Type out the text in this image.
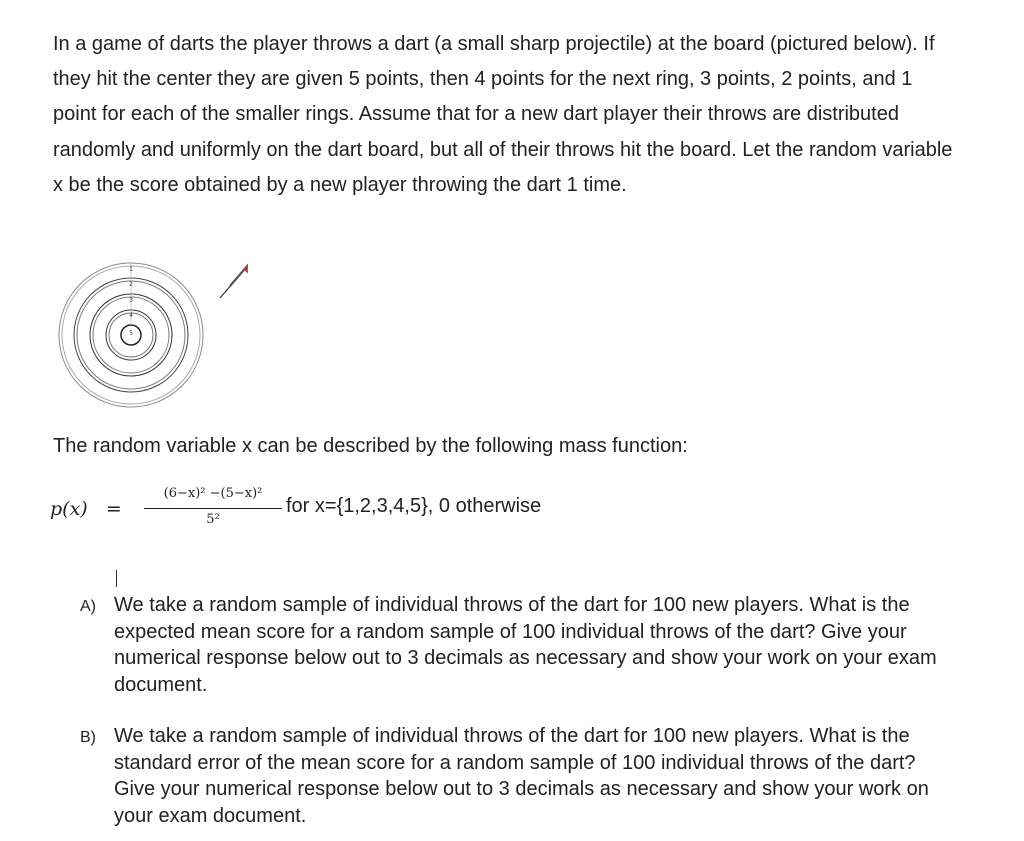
In a game of darts the player throws a dart (a small sharp projectile) at the board (pictured below). If they hit the center they are given 5 points, then 4 points for the next ring, 3 points, 2 points, and 1 point for each of the smaller rings. Assume that for a new dart player their throws are distributed randomly and uniformly on the dart board, but all of their throws hit the board. Let the random variable x be the score obtained by a new player throwing the dart 1 time.

1
2
3
4
5

The random variable x can be described by the following mass function:

p(x) =
(6−x)² −(5−x)²
5²
for x={1,2,3,4,5}, 0 otherwise
A) We take a random sample of individual throws of the dart for 100 new players. What is the expected mean score for a random sample of 100 individual throws of the dart? Give your numerical response below out to 3 decimals as necessary and show your work on your exam document.
B) We take a random sample of individual throws of the dart for 100 new players. What is the standard error of the mean score for a random sample of 100 individual throws of the dart? Give your numerical response below out to 3 decimals as necessary and show your work on your exam document.
